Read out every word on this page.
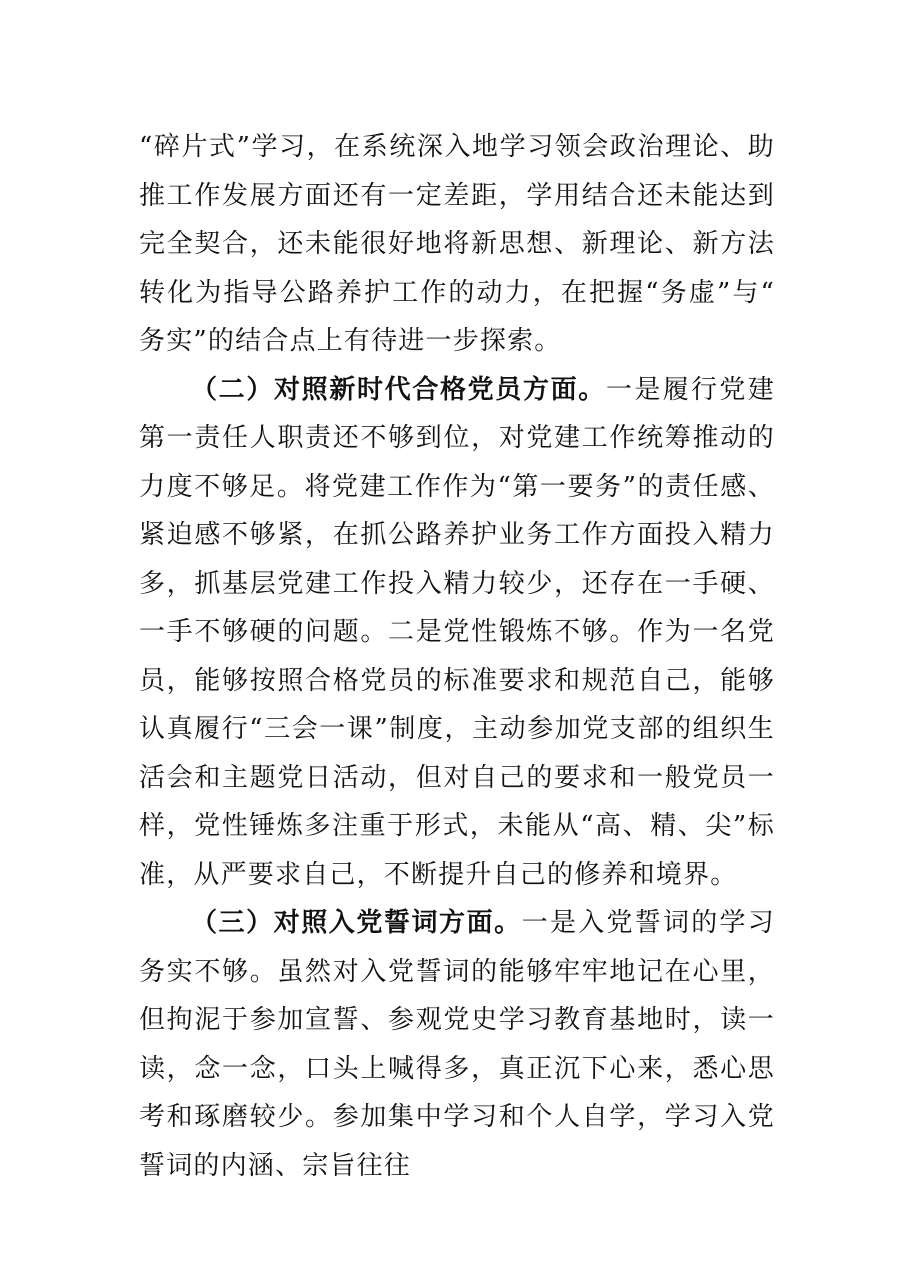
“碎片式”学习，在系统深入地学习领会政治理论、助推工作发展方面还有一定差距，学用结合还未能达到完全契合，还未能很好地将新思想、新理论、新方法转化为指导公路养护工作的动力，在把握“务虚”与“务实”的结合点上有待进一步探索。

（二）对照新时代合格党员方面。一是履行党建第一责任人职责还不够到位，对党建工作统筹推动的力度不够足。将党建工作作为“第一要务”的责任感、紧迫感不够紧，在抓公路养护业务工作方面投入精力多，抓基层党建工作投入精力较少，还存在一手硬、一手不够硬的问题。二是党性锻炼不够。作为一名党员，能够按照合格党员的标准要求和规范自己，能够认真履行“三会一课”制度，主动参加党支部的组织生活会和主题党日活动，但对自己的要求和一般党员一样，党性锤炼多注重于形式，未能从“高、精、尖”标准，从严要求自己，不断提升自己的修养和境界。

（三）对照入党誓词方面。一是入党誓词的学习务实不够。虽然对入党誓词的能够牢牢地记在心里，但拘泥于参加宣誓、参观党史学习教育基地时，读一读，念一念，口头上喊得多，真正沉下心来，悉心思考和琢磨较少。参加集中学习和个人自学，学习入党誓词的内涵、宗旨往往
